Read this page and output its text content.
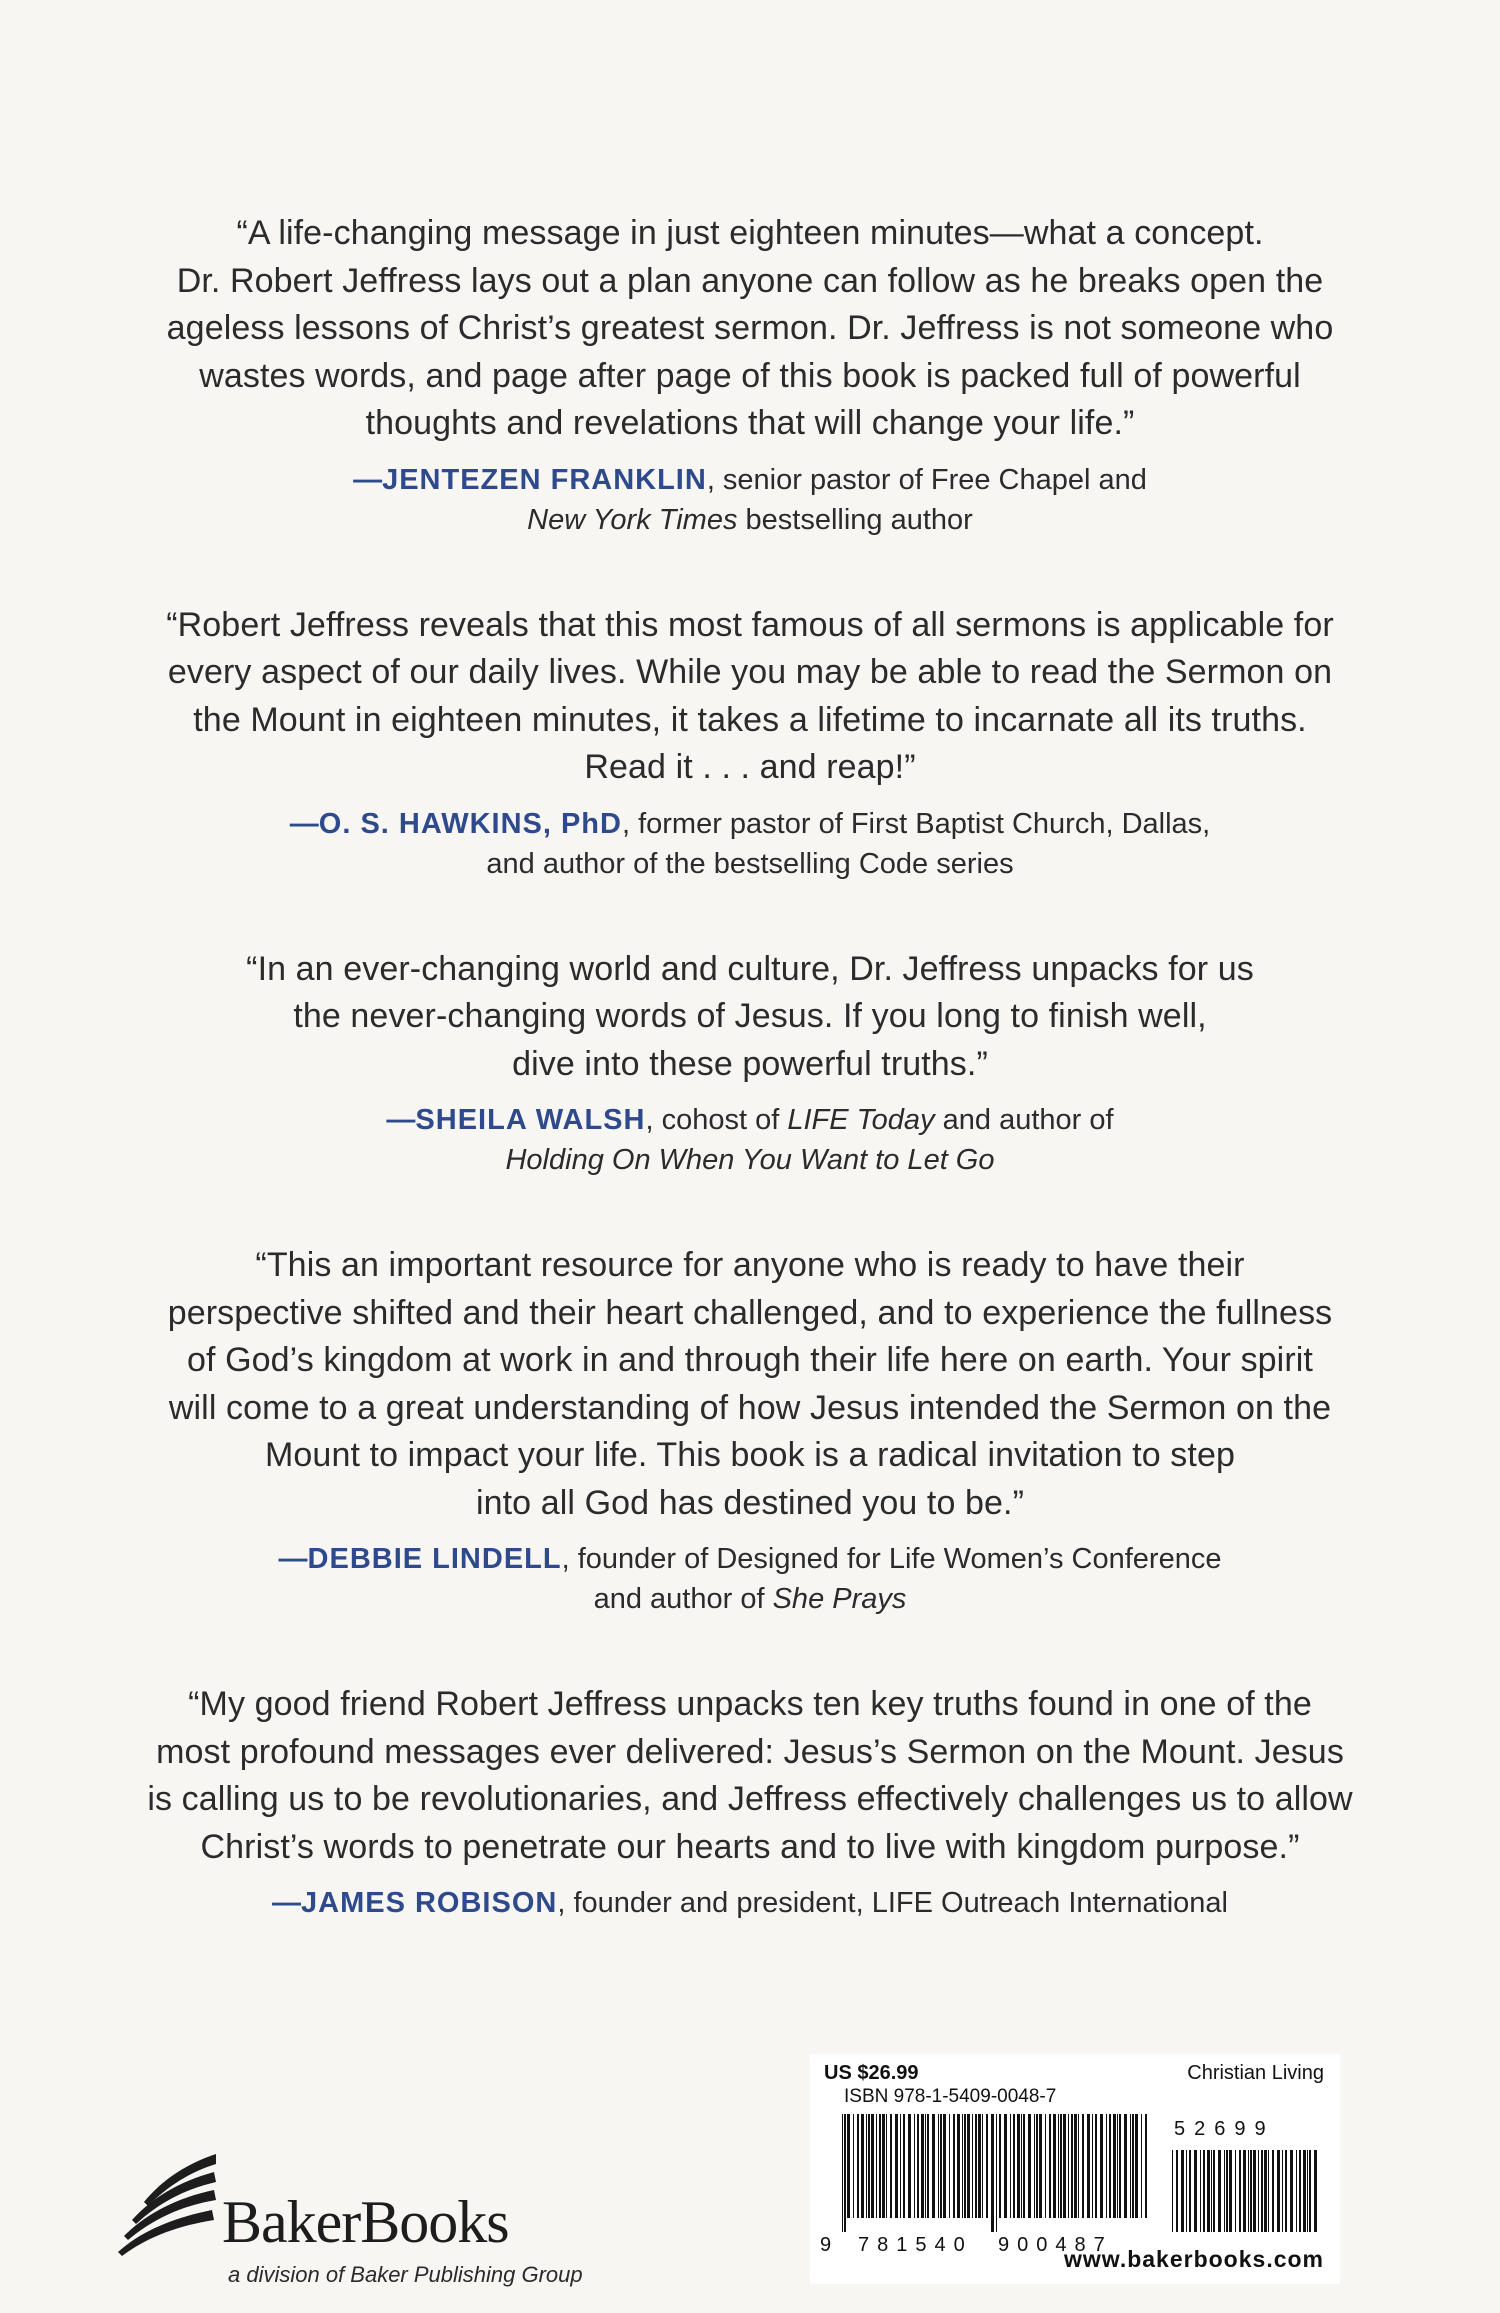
“A life-changing message in just eighteen minutes—what a concept.
Dr. Robert Jeffress lays out a plan anyone can follow as he breaks open the
ageless lessons of Christ’s greatest sermon. Dr. Jeffress is not someone who
wastes words, and page after page of this book is packed full of powerful
thoughts and revelations that will change your life.”

—JENTEZEN FRANKLIN, senior pastor of Free Chapel and
New York Times bestselling author

“Robert Jeffress reveals that this most famous of all sermons is applicable for
every aspect of our daily lives. While you may be able to read the Sermon on
the Mount in eighteen minutes, it takes a lifetime to incarnate all its truths.
Read it . . . and reap!”

—O. S. HAWKINS, PhD, former pastor of First Baptist Church, Dallas,
and author of the bestselling Code series

“In an ever-changing world and culture, Dr. Jeffress unpacks for us
the never-changing words of Jesus. If you long to finish well,
dive into these powerful truths.”

—SHEILA WALSH, cohost of LIFE Today and author of
Holding On When You Want to Let Go

“This an important resource for anyone who is ready to have their
perspective shifted and their heart challenged, and to experience the fullness
of God’s kingdom at work in and through their life here on earth. Your spirit
will come to a great understanding of how Jesus intended the Sermon on the
Mount to impact your life. This book is a radical invitation to step
into all God has destined you to be.”

—DEBBIE LINDELL, founder of Designed for Life Women’s Conference
and author of She Prays

“My good friend Robert Jeffress unpacks ten key truths found in one of the
most profound messages ever delivered: Jesus’s Sermon on the Mount. Jesus
is calling us to be revolutionaries, and Jeffress effectively challenges us to allow
Christ’s words to penetrate our hearts and to live with kingdom purpose.”

—JAMES ROBISON, founder and president, LIFE Outreach International

BakerBooks
a division of Baker Publishing Group
US $26.99	Christian Living
ISBN 978-1-5409-0048-7
52699
9 781540 900487
www.bakerbooks.com
